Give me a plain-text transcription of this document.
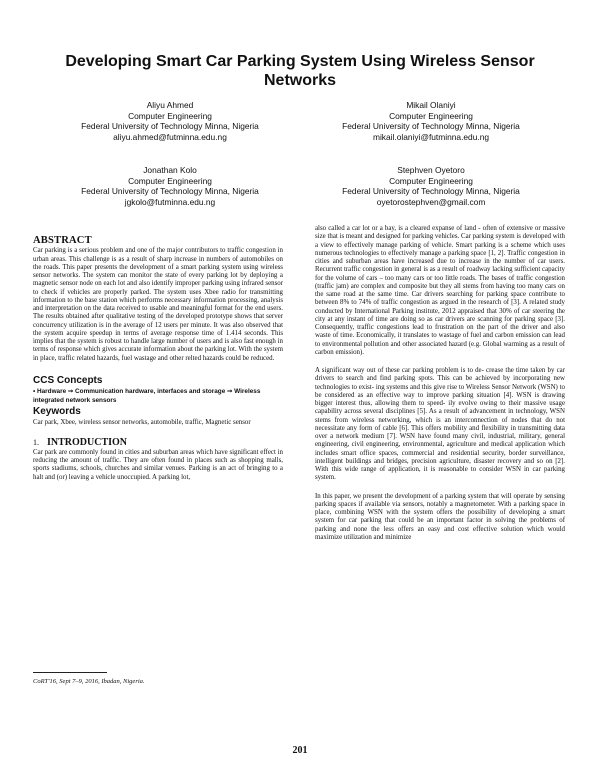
Developing Smart Car Parking System Using Wireless Sensor Networks
Aliyu Ahmed
Computer Engineering
Federal University of Technology Minna, Nigeria
aliyu.ahmed@futminna.edu.ng
Mikail Olaniyi
Computer Engineering
Federal University of Technology Minna, Nigeria
mikail.olaniyi@futminna.edu.ng
Jonathan Kolo
Computer Engineering
Federal University of Technology Minna, Nigeria
jgkolo@futminna.edu.ng
Stephven Oyetoro
Computer Engineering
Federal University of Technology Minna, Nigeria
oyetorostephven@gmail.com
ABSTRACT

Car parking is a serious problem and one of the major contributors to traffic congestion in urban areas. This challenge is as a result of sharp increase in numbers of automobiles on the roads. This paper presents the development of a smart parking system using wireless sensor networks. The system can monitor the state of every parking lot by deploying a magnetic sensor node on each lot and also identify improper parking using infrared sensor to check if vehicles are properly parked. The system uses Xbee radio for transmitting information to the base station which performs necessary information processing, analysis and interpretation on the data received to usable and meaningful format for the end users. The results obtained after qualitative testing of the developed prototype shows that server concurrency utilization is in the average of 12 users per minute. It was also observed that the system acquire speedup in terms of average response time of 1.414 seconds. This implies that the system is robust to handle large number of users and is also fast enough in terms of response which gives accurate information about the parking lot. With the system in place, traffic related hazards, fuel wastage and other relted hazards could be reduced.

CCS Concepts
• Hardware ➞ Communication hardware, interfaces and storage ➞ Wireless integrated network sensors
Keywords

Car park, Xbee, wireless sensor networks, automobile, traffic, Magnetic sensor

1. INTRODUCTION

Car park are commonly found in cities and suburban areas which have significant effect in reducing the amount of traffic. They are often found in places such as shopping malls, sports stadiums, schools, churches and similar venues. Parking is an act of bringing to a halt and (or) leaving a vehicle unoccupied. A parking lot,

also called a car lot or a bay, is a cleared expanse of land - often of extensive or massive size that is meant and designed for parking vehicles. Car parking system is developed with a view to effectively manage parking of vehicle. Smart parking is a scheme which uses numerous technologies to effectively manage a parking space [1, 2]. Traffic congestion in cities and suburban areas have increased due to increase in the number of car users. Recurrent traffic congestion in general is as a result of roadway lacking sufficient capacity for the volume of cars – too many cars or too little roads. The bases of traffic congestion (traffic jam) are complex and composite but they all stems from having too many cars on the same road at the same time. Car drivers searching for parking space contribute to between 8% to 74% of traffic congestion as argued in the research of [3]. A related study conducted by International Parking institute, 2012 appraised that 30% of car steering the city at any instant of time are doing so as car drivers are scanning for parking space [3]. Consequently, traffic congestions lead to frustration on the part of the driver and also waste of time. Economically, it translates to wastage of fuel and carbon emission can lead to environmental pollution and other associated hazard (e.g. Global warming as a result of carbon emission).

A significant way out of these car parking problem is to de- crease the time taken by car drivers to search and find parking spots. This can be achieved by incorporating new technologies to exist- ing systems and this give rise to Wireless Sensor Network (WSN) to be considered as an effective way to improve parking situation [4]. WSN is drawing bigger interest thus, allowing them to speed- ily evolve owing to their massive usage capability across several disciplines [5]. As a result of advancement in technology, WSN stems from wireless networking, which is an interconnection of nodes that do not necessitate any form of cable [6]. This offers mobility and flexibility in transmitting data over a network medium [7]. WSN have found many civil, industrial, military, general engineering, civil engineering, environmental, agriculture and medical application which includes smart office spaces, commercial and residential security, border surveillance, intelligent buildings and bridges, precision agriculture, disaster recovery and so on [2]. With this wide range of application, it is reasonable to consider WSN in car parking system.

In this paper, we present the development of a parking system that will operate by sensing parking spaces if available via sensors, notably a magnetometer. With a parking space in place, combining WSN with the system offers the possibility of developing a smart system for car parking that could be an important factor in solving the problems of parking and none the less offers an easy and cost effective solution which would maximize utilization and minimize

CoRT'16, Sept 7–9, 2016, Ibadan, Nigeria.
201
